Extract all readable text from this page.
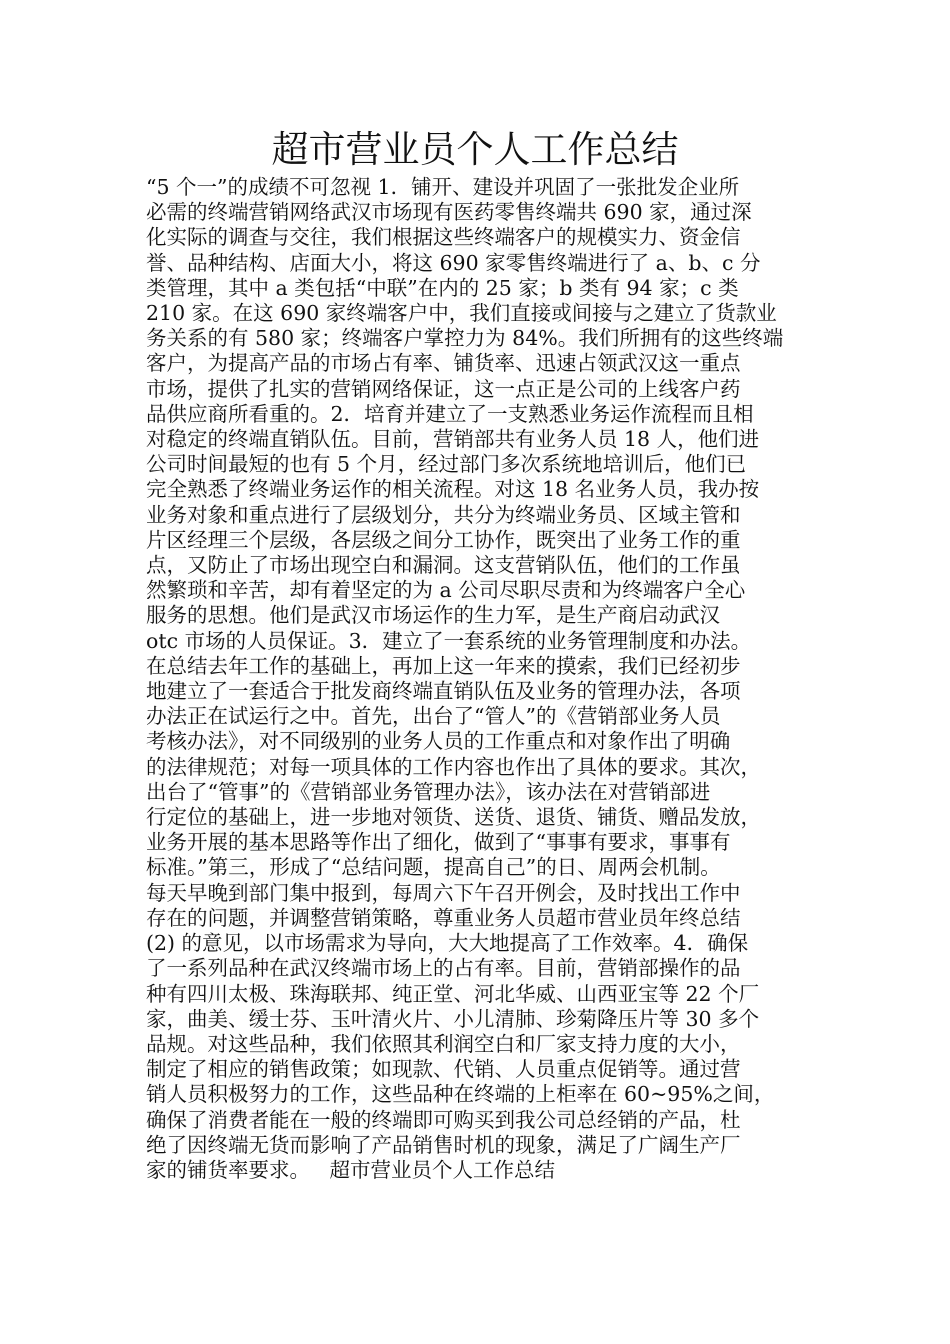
超市营业员个人工作总结
“5 个一”的成绩不可忽视 1．铺开、建设并巩固了一张批发企业所
必需的终端营销网络武汉市场现有医药零售终端共 690 家，通过深
化实际的调查与交往，我们根据这些终端客户的规模实力、资金信
誉、品种结构、店面大小，将这 690 家零售终端进行了 a、b、c 分
类管理，其中 a 类包括“中联”在内的 25 家；b 类有 94 家；c 类
210 家。在这 690 家终端客户中，我们直接或间接与之建立了货款业
务关系的有 580 家；终端客户掌控力为 84%。我们所拥有的这些终端
客户，为提高产品的市场占有率、铺货率、迅速占领武汉这一重点
市场，提供了扎实的营销网络保证，这一点正是公司的上线客户药
品供应商所看重的。2．培育并建立了一支熟悉业务运作流程而且相
对稳定的终端直销队伍。目前，营销部共有业务人员 18 人，他们进
公司时间最短的也有 5 个月，经过部门多次系统地培训后，他们已
完全熟悉了终端业务运作的相关流程。对这 18 名业务人员，我办按
业务对象和重点进行了层级划分，共分为终端业务员、区域主管和
片区经理三个层级，各层级之间分工协作，既突出了业务工作的重
点，又防止了市场出现空白和漏洞。这支营销队伍，他们的工作虽
然繁琐和辛苦，却有着坚定的为 a 公司尽职尽责和为终端客户全心
服务的思想。他们是武汉市场运作的生力军，是生产商启动武汉
otc 市场的人员保证。3．建立了一套系统的业务管理制度和办法。
在总结去年工作的基础上，再加上这一年来的摸索，我们已经初步
地建立了一套适合于批发商终端直销队伍及业务的管理办法，各项
办法正在试运行之中。首先，出台了“管人”的《营销部业务人员
考核办法》，对不同级别的业务人员的工作重点和对象作出了明确
的法律规范；对每一项具体的工作内容也作出了具体的要求。其次，
出台了“管事”的《营销部业务管理办法》，该办法在对营销部进
行定位的基础上，进一步地对领货、送货、退货、铺货、赠品发放，
业务开展的基本思路等作出了细化，做到了“事事有要求，事事有
标准。”第三，形成了“总结问题，提高自己”的日、周两会机制。
每天早晚到部门集中报到，每周六下午召开例会，及时找出工作中
存在的问题，并调整营销策略，尊重业务人员超市营业员年终总结
(2) 的意见，以市场需求为导向，大大地提高了工作效率。4．确保
了一系列品种在武汉终端市场上的占有率。目前，营销部操作的品
种有四川太极、珠海联邦、纯正堂、河北华威、山西亚宝等 22 个厂
家，曲美、缓士芬、玉叶清火片、小儿清肺、珍菊降压片等 30 多个
品规。对这些品种，我们依照其利润空白和厂家支持力度的大小，
制定了相应的销售政策；如现款、代销、人员重点促销等。通过营
销人员积极努力的工作，这些品种在终端的上柜率在 60~95%之间，
确保了消费者能在一般的终端即可购买到我公司总经销的产品，杜
绝了因终端无货而影响了产品销售时机的现象，满足了广阔生产厂
家的铺货率要求。   超市营业员个人工作总结
